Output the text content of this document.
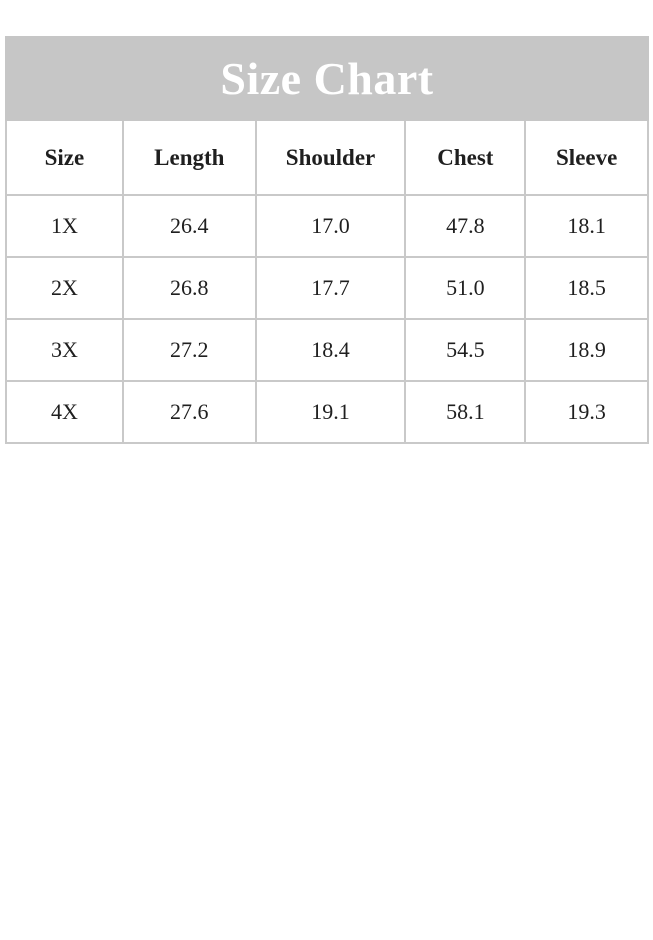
Size Chart
Size	Length	Shoulder	Chest	Sleeve
1X	26.4	17.0	47.8	18.1
2X	26.8	17.7	51.0	18.5
3X	27.2	18.4	54.5	18.9
4X	27.6	19.1	58.1	19.3
